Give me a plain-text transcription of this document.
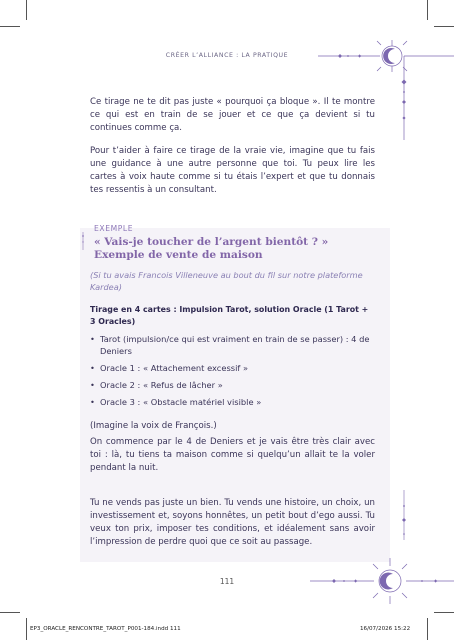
CRÉER L’ALLIANCE : LA PRATIQUE

Ce tirage ne te dit pas juste « pourquoi ça bloque ». Il te montre ce qui est en train de se jouer et ce que ça devient si tu continues comme ça.

Pour t’aider à faire ce tirage de la vraie vie, imagine que tu fais une guidance à une autre personne que toi. Tu peux lire les cartes à voix haute comme si tu étais l’expert et que tu donnais tes ressentis à un consultant.

EXEMPLE
« Vais-je toucher de l’argent bientôt ? »
Exemple de vente de maison
(Si tu avais Francois Villeneuve au bout du fil sur notre plateforme Kardea)
Tirage en 4 cartes : Impulsion Tarot, solution Oracle (1 Tarot + 3 Oracles)
• Tarot (impulsion/ce qui est vraiment en train de se passer) : 4 de Deniers
• Oracle 1 : « Attachement excessif »
• Oracle 2 : « Refus de lâcher »
• Oracle 3 : « Obstacle matériel visible »
(Imagine la voix de François.)
On commence par le 4 de Deniers et je vais être très clair avec toi : là, tu tiens ta maison comme si quelqu’un allait te la voler pendant la nuit.
Tu ne vends pas juste un bien. Tu vends une histoire, un choix, un investissement et, soyons honnêtes, un petit bout d’ego aussi. Tu veux ton prix, imposer tes conditions, et idéalement sans avoir l’impression de perdre quoi que ce soit au passage.
111
EP3_ORACLE_RENCONTRE_TAROT_P001-184.indd 111	16/07/2026 15:22
